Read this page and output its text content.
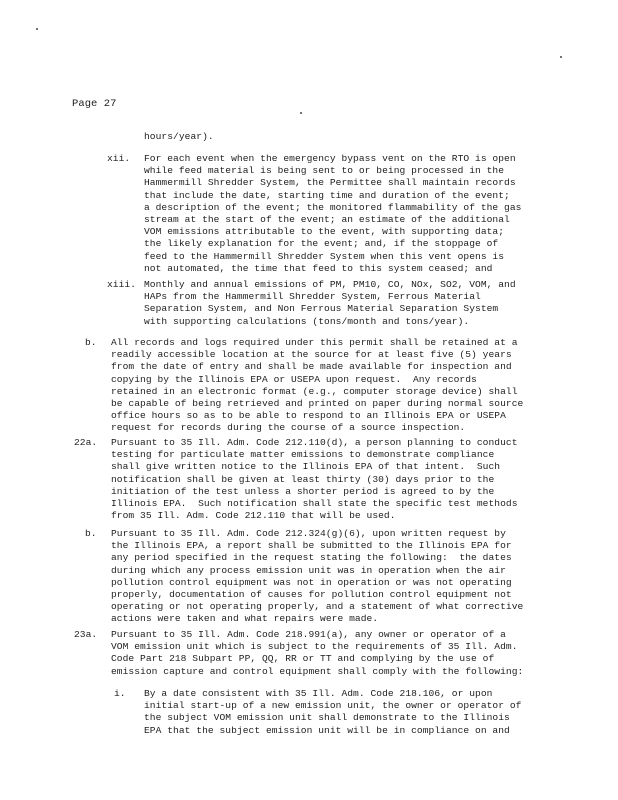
Page 27
hours/year).
xii. For each event when the emergency bypass vent on the RTO is open
while feed material is being sent to or being processed in the
Hammermill Shredder System, the Permittee shall maintain records
that include the date, starting time and duration of the event;
a description of the event; the monitored flammability of the gas
stream at the start of the event; an estimate of the additional
VOM emissions attributable to the event, with supporting data;
the likely explanation for the event; and, if the stoppage of
feed to the Hammermill Shredder System when this vent opens is
not automated, the time that feed to this system ceased; and
xiii. Monthly and annual emissions of PM, PM10, CO, NOx, SO2, VOM, and
HAPs from the Hammermill Shredder System, Ferrous Material
Separation System, and Non Ferrous Material Separation System
with supporting calculations (tons/month and tons/year).
b. All records and logs required under this permit shall be retained at a
readily accessible location at the source for at least five (5) years
from the date of entry and shall be made available for inspection and
copying by the Illinois EPA or USEPA upon request.  Any records
retained in an electronic format (e.g., computer storage device) shall
be capable of being retrieved and printed on paper during normal source
office hours so as to be able to respond to an Illinois EPA or USEPA
request for records during the course of a source inspection.
22a. Pursuant to 35 Ill. Adm. Code 212.110(d), a person planning to conduct
testing for particulate matter emissions to demonstrate compliance
shall give written notice to the Illinois EPA of that intent.  Such
notification shall be given at least thirty (30) days prior to the
initiation of the test unless a shorter period is agreed to by the
Illinois EPA.  Such notification shall state the specific test methods
from 35 Ill. Adm. Code 212.110 that will be used.
b. Pursuant to 35 Ill. Adm. Code 212.324(g)(6), upon written request by
the Illinois EPA, a report shall be submitted to the Illinois EPA for
any period specified in the request stating the following:  the dates
during which any process emission unit was in operation when the air
pollution control equipment was not in operation or was not operating
properly, documentation of causes for pollution control equipment not
operating or not operating properly, and a statement of what corrective
actions were taken and what repairs were made.
23a. Pursuant to 35 Ill. Adm. Code 218.991(a), any owner or operator of a
VOM emission unit which is subject to the requirements of 35 Ill. Adm.
Code Part 218 Subpart PP, QQ, RR or TT and complying by the use of
emission capture and control equipment shall comply with the following:
i. By a date consistent with 35 Ill. Adm. Code 218.106, or upon
initial start-up of a new emission unit, the owner or operator of
the subject VOM emission unit shall demonstrate to the Illinois
EPA that the subject emission unit will be in compliance on and
